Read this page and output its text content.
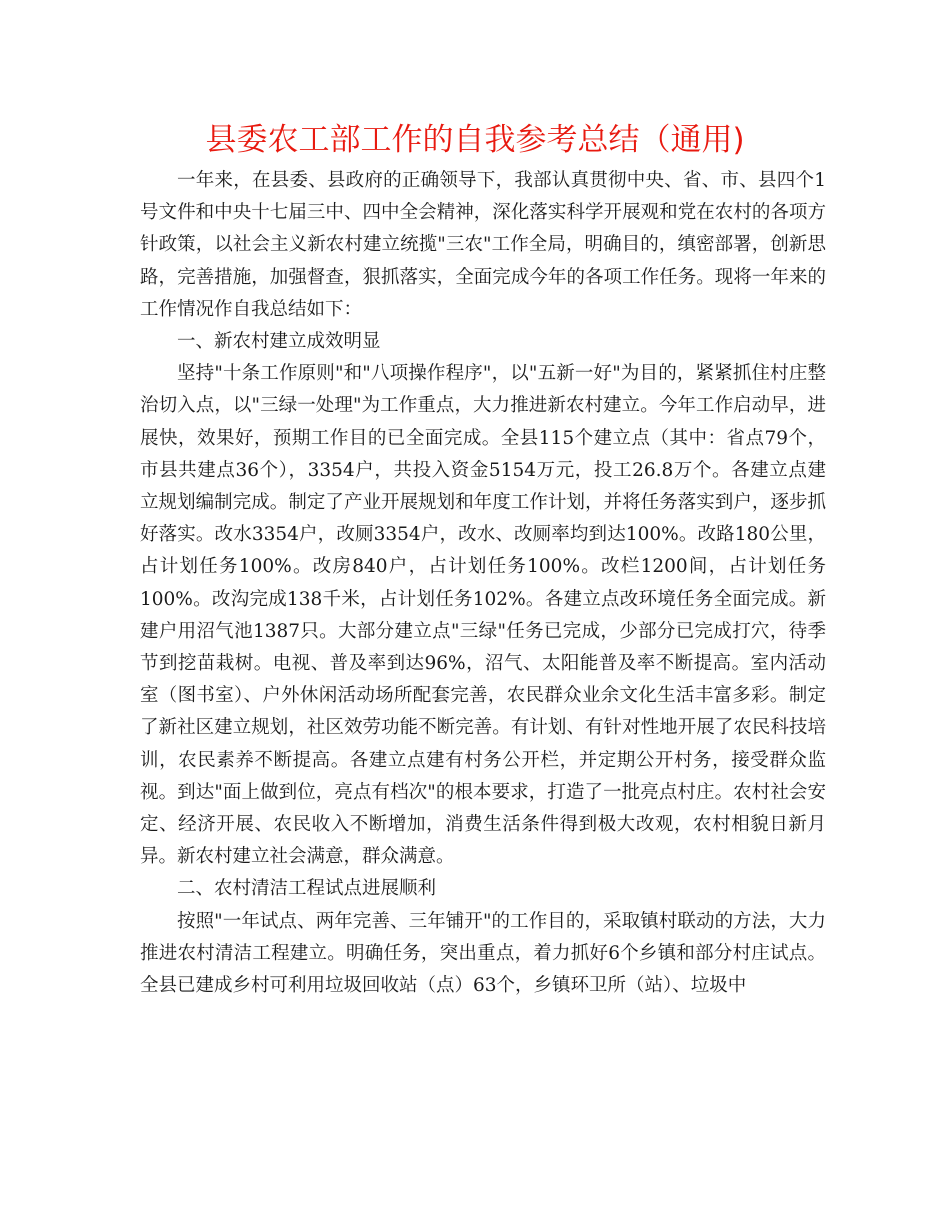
县委农工部工作的自我参考总结（通用)

一年来，在县委、县政府的正确领导下，我部认真贯彻中央、省、市、县四个1号文件和中央十七届三中、四中全会精神，深化落实科学开展观和党在农村的各项方针政策，以社会主义新农村建立统揽"三农"工作全局，明确目的，缜密部署，创新思路，完善措施，加强督查，狠抓落实，全面完成今年的各项工作任务。现将一年来的工作情况作自我总结如下：

一、新农村建立成效明显

坚持"十条工作原则"和"八项操作程序"，以"五新一好"为目的，紧紧抓住村庄整治切入点，以"三绿一处理"为工作重点，大力推进新农村建立。今年工作启动早，进展快，效果好，预期工作目的已全面完成。全县115个建立点（其中：省点79个，市县共建点36个），3354户，共投入资金5154万元，投工26.8万个。各建立点建立规划编制完成。制定了产业开展规划和年度工作计划，并将任务落实到户，逐步抓好落实。改水3354户，改厕3354户，改水、改厕率均到达100%。改路180公里，占计划任务100%。改房840户，占计划任务100%。改栏1200间，占计划任务100%。改沟完成138千米，占计划任务102%。各建立点改环境任务全面完成。新建户用沼气池1387只。大部分建立点"三绿"任务已完成，少部分已完成打穴，待季节到挖苗栽树。电视、普及率到达96%，沼气、太阳能普及率不断提高。室内活动室（图书室）、户外休闲活动场所配套完善，农民群众业余文化生活丰富多彩。制定了新社区建立规划，社区效劳功能不断完善。有计划、有针对性地开展了农民科技培训，农民素养不断提高。各建立点建有村务公开栏，并定期公开村务，接受群众监视。到达"面上做到位，亮点有档次"的根本要求，打造了一批亮点村庄。农村社会安定、经济开展、农民收入不断增加，消费生活条件得到极大改观，农村相貌日新月异。新农村建立社会满意，群众满意。

二、农村清洁工程试点进展顺利

按照"一年试点、两年完善、三年铺开"的工作目的，采取镇村联动的方法，大力推进农村清洁工程建立。明确任务，突出重点，着力抓好6个乡镇和部分村庄试点。全县已建成乡村可利用垃圾回收站（点）63个，乡镇环卫所（站）、垃圾中
